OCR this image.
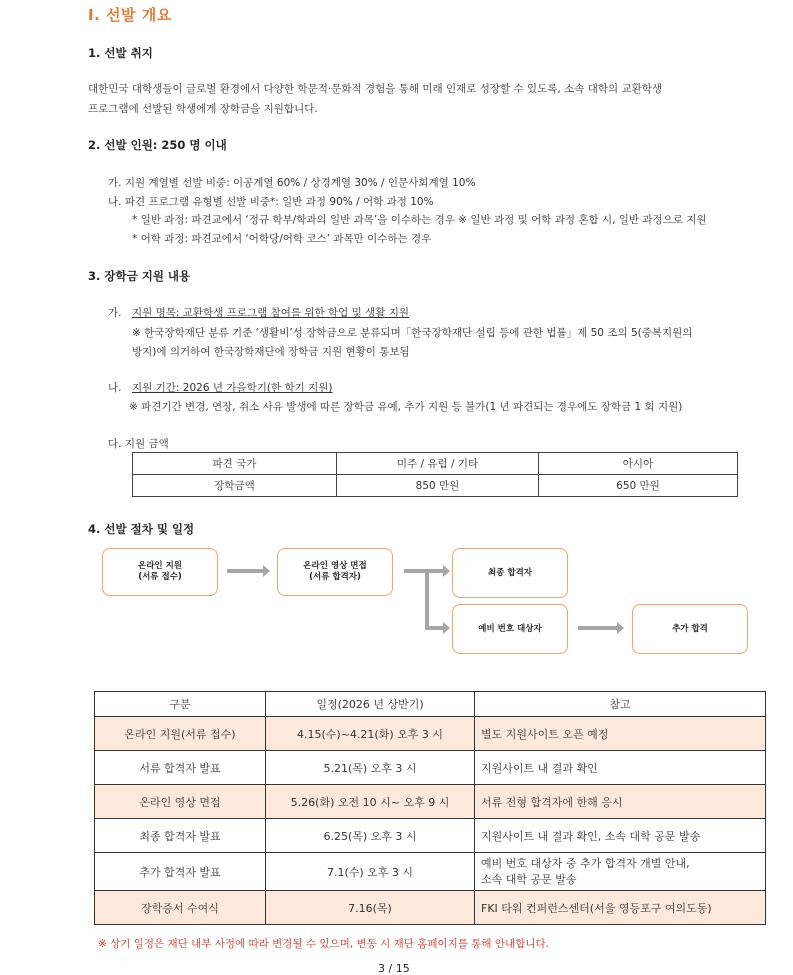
Ⅰ. 선발 개요
1. 선발 취지
대한민국 대학생들이 글로벌 환경에서 다양한 학문적·문화적 경험을 통해 미래 인재로 성장할 수 있도록, 소속 대학의 교환학생
프로그램에 선발된 학생에게 장학금을 지원합니다.
2. 선발 인원: 250 명 이내
가. 지원 계열별 선발 비중: 이공계열 60% / 상경계열 30% / 인문사회계열 10%
나. 파견 프로그램 유형별 선발 비중*: 일반 과정 90% / 어학 과정 10%
* 일반 과정: 파견교에서 ‘정규 학부/학과의 일반 과목’을 이수하는 경우 ※ 일반 과정 및 어학 과정 혼합 시, 일반 과정으로 지원
* 어학 과정: 파견교에서 ‘어학당/어학 코스’ 과목만 이수하는 경우
3. 장학금 지원 내용
가. 지원 명목: 교환학생 프로그램 참여를 위한 학업 및 생활 지원
※ 한국장학재단 분류 기준 ‘생활비’성 장학금으로 분류되며「한국장학재단 설립 등에 관한 법률」제 50 조의 5(중복지원의
방지)에 의거하여 한국장학재단에 장학금 지원 현황이 통보됨
나. 지원 기간: 2026 년 가을학기(한 학기 지원)
※ 파견기간 변경, 연장, 취소 사유 발생에 따른 장학금 유예, 추가 지원 등 불가(1 년 파견되는 경우에도 장학금 1 회 지원)
다. 지원 금액
파견 국가	미주 / 유럽 / 기타	아시아
장학금액	850 만원	650 만원
4. 선발 절차 및 일정
온라인 지원
(서류 접수)
온라인 영상 면접
(서류 합격자)	최종 합격자
예비 번호 대상자	추가 합격
구분	일정(2026 년 상반기)	참고
온라인 지원(서류 접수)	4.15(수)~4.21(화) 오후 3 시	별도 지원사이트 오픈 예정
서류 합격자 발표	5.21(목) 오후 3 시	지원사이트 내 결과 확인
온라인 영상 면접	5.26(화) 오전 10 시~ 오후 9 시	서류 전형 합격자에 한해 응시
최종 합격자 발표	6.25(목) 오후 3 시	지원사이트 내 결과 확인, 소속 대학 공문 발송
추가 합격자 발표	7.1(수) 오후 3 시	예비 번호 대상자 중 추가 합격자 개별 안내,
소속 대학 공문 발송

장학증서 수여식	7.16(목)	FKI 타워 컨퍼런스센터(서울 영등포구 여의도동)
※ 상기 일정은 재단 내부 사정에 따라 변경될 수 있으며, 변동 시 재단 홈페이지를 통해 안내합니다.
3 / 15
